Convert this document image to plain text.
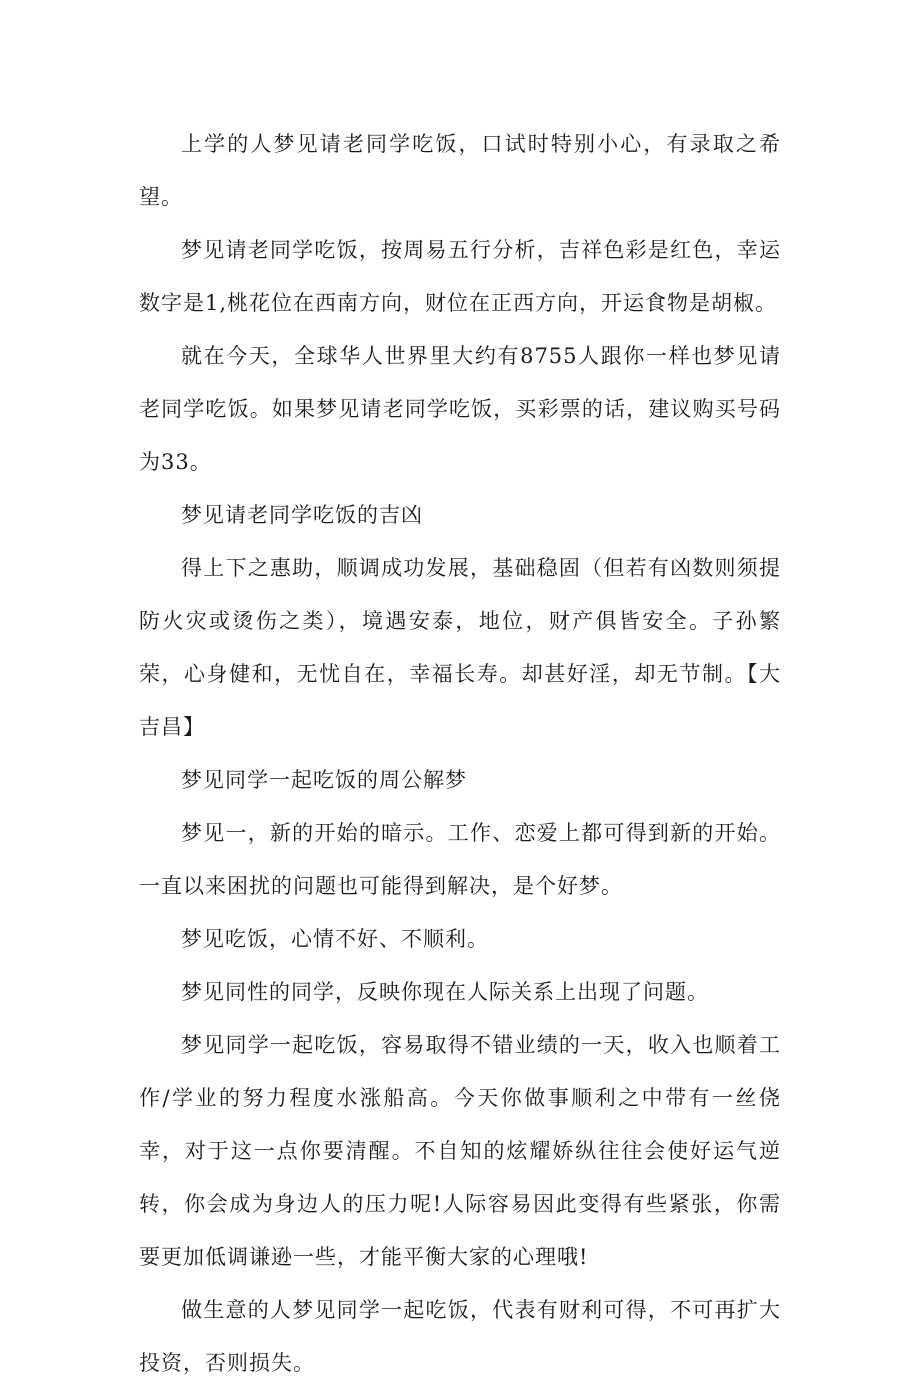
上学的人梦见请老同学吃饭，口试时特别小心，有录取之希望。

梦见请老同学吃饭，按周易五行分析，吉祥色彩是红色，幸运数字是1,桃花位在西南方向，财位在正西方向，开运食物是胡椒。

就在今天，全球华人世界里大约有8755人跟你一样也梦见请老同学吃饭。如果梦见请老同学吃饭，买彩票的话，建议购买号码为33。

梦见请老同学吃饭的吉凶

得上下之惠助，顺调成功发展，基础稳固（但若有凶数则须提防火灾或烫伤之类），境遇安泰，地位，财产俱皆安全。子孙繁荣，心身健和，无忧自在，幸福长寿。却甚好淫，却无节制。【大吉昌】

梦见同学一起吃饭的周公解梦

梦见一，新的开始的暗示。工作、恋爱上都可得到新的开始。一直以来困扰的问题也可能得到解决，是个好梦。

梦见吃饭，心情不好、不顺利。

梦见同性的同学，反映你现在人际关系上出现了问题。

梦见同学一起吃饭，容易取得不错业绩的一天，收入也顺着工作/学业的努力程度水涨船高。今天你做事顺利之中带有一丝侥幸，对于这一点你要清醒。不自知的炫耀娇纵往往会使好运气逆转，你会成为身边人的压力呢!人际容易因此变得有些紧张，你需要更加低调谦逊一些，才能平衡大家的心理哦!

做生意的人梦见同学一起吃饭，代表有财利可得，不可再扩大投资，否则损失。
